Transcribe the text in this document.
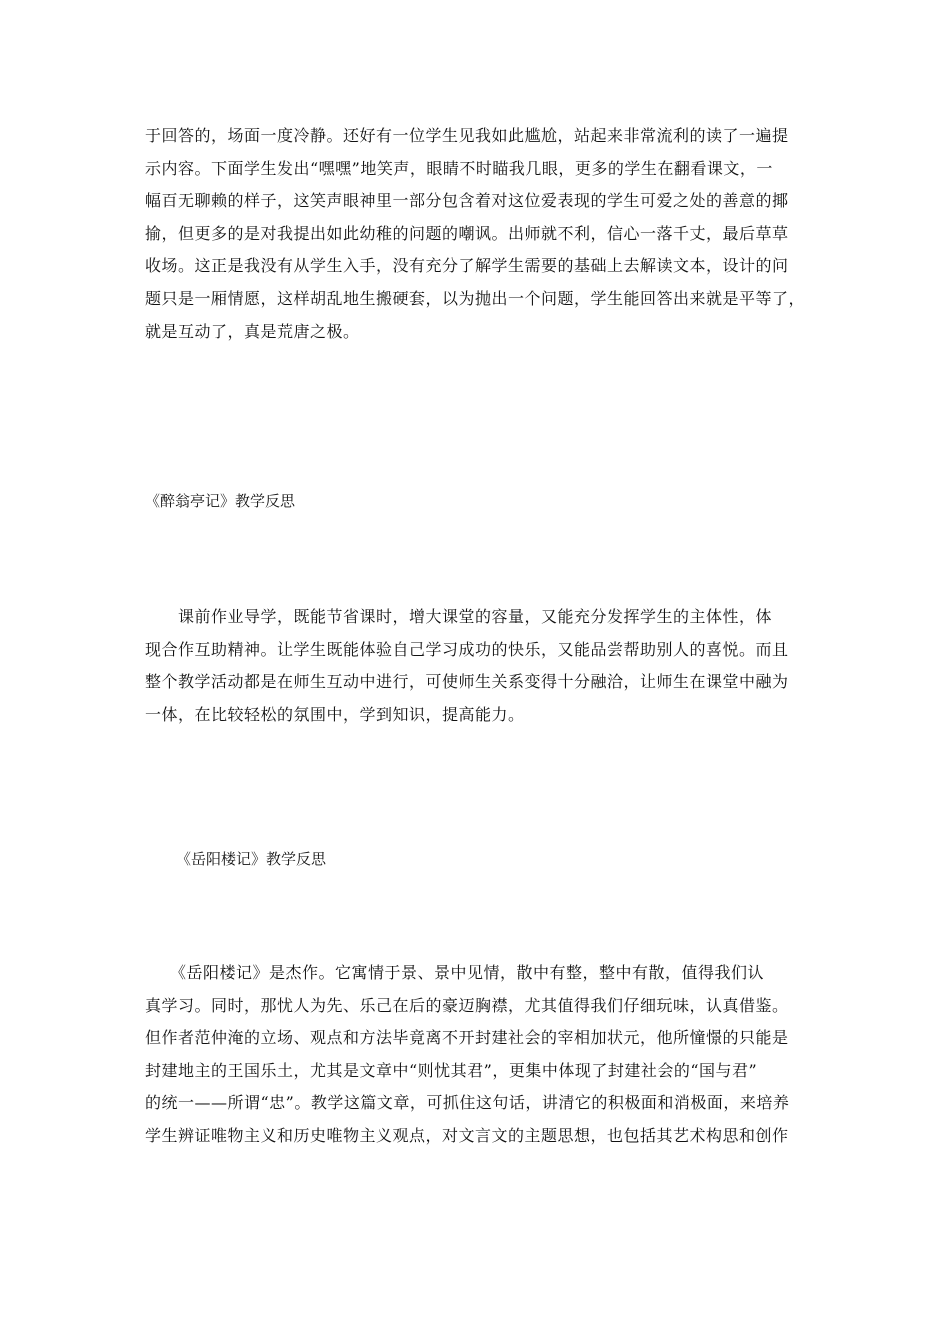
于回答的，场面一度冷静。还好有一位学生见我如此尴尬，站起来非常流利的读了一遍提
示内容。下面学生发出“嘿嘿”地笑声，眼睛不时瞄我几眼，更多的学生在翻看课文，一
幅百无聊赖的样子，这笑声眼神里一部分包含着对这位爱表现的学生可爱之处的善意的揶
揄，但更多的是对我提出如此幼稚的问题的嘲讽。出师就不利，信心一落千丈，最后草草
收场。这正是我没有从学生入手，没有充分了解学生需要的基础上去解读文本，设计的问
题只是一厢情愿，这样胡乱地生搬硬套，以为抛出一个问题，学生能回答出来就是平等了，
就是互动了，真是荒唐之极。
《醉翁亭记》教学反思
　　课前作业导学，既能节省课时，增大课堂的容量，又能充分发挥学生的主体性，体
现合作互助精神。让学生既能体验自己学习成功的快乐，又能品尝帮助别人的喜悦。而且
整个教学活动都是在师生互动中进行，可使师生关系变得十分融洽，让师生在课堂中融为
一体，在比较轻松的氛围中，学到知识，提高能力。
《岳阳楼记》教学反思
　　《岳阳楼记》是杰作。它寓情于景、景中见情，散中有整，整中有散，值得我们认
真学习。同时，那忧人为先、乐己在后的豪迈胸襟，尤其值得我们仔细玩味，认真借鉴。
但作者范仲淹的立场、观点和方法毕竟离不开封建社会的宰相加状元，他所憧憬的只能是
封建地主的王国乐土，尤其是文章中“则忧其君”，更集中体现了封建社会的“国与君”
的统一——所谓“忠”。教学这篇文章，可抓住这句话，讲清它的积极面和消极面，来培养
学生辨证唯物主义和历史唯物主义观点，对文言文的主题思想，也包括其艺术构思和创作
